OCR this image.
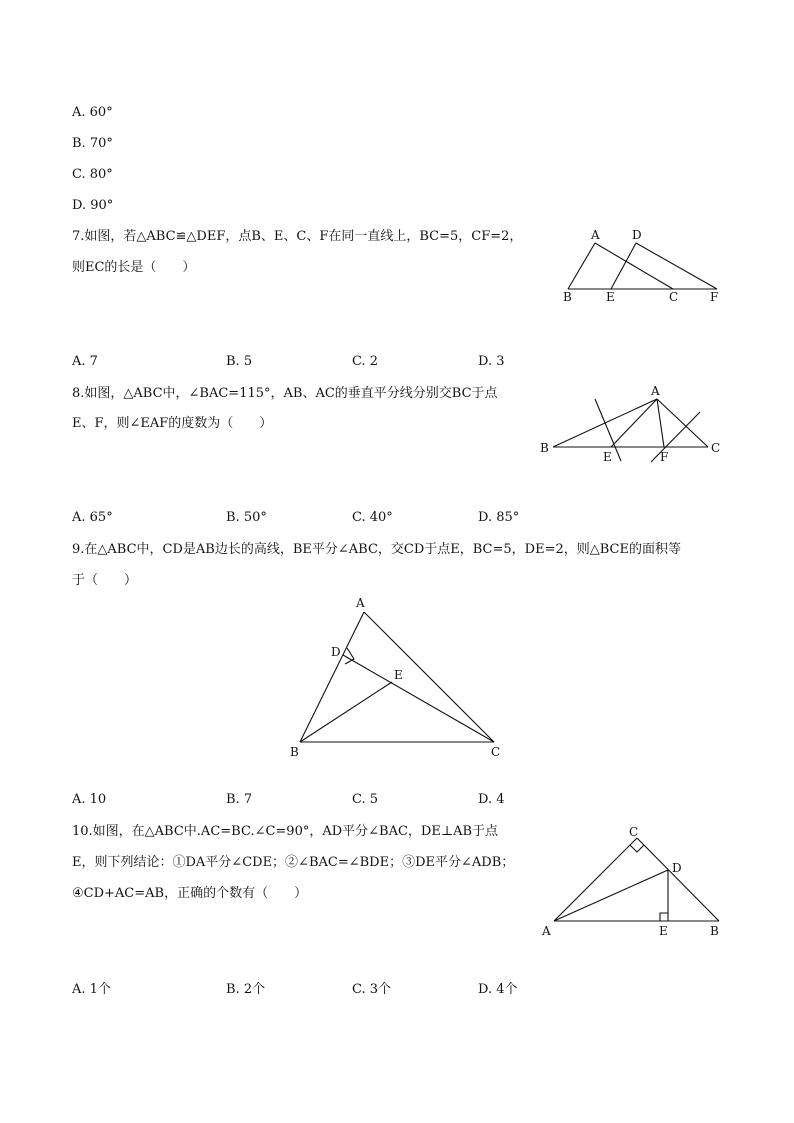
A. 60°
B. 70°
C. 80°
D. 90°
7.如图，若△ABC≌△DEF，点B、E、C、F在同一直线上，BC=5，CF=2，
则EC的长是（　　）
A	D
B	E	C	F
A. 7	B. 5	C. 2	D. 3
8.如图，△ABC中，∠BAC=115°，AB、AC的垂直平分线分别交BC于点
E、F，则∠EAF的度数为（　　）
A
B	C
E	F
A. 65°	B. 50°	C. 40°	D. 85°
9.在△ABC中，CD是AB边长的高线，BE平分∠ABC，交CD于点E，BC=5，DE=2，则△BCE的面积等
于（　　）
A
D
E
B	C
A. 10	B. 7	C. 5	D. 4
10.如图，在△ABC中.AC=BC.∠C=90°，AD平分∠BAC，DE⊥AB于点
E，则下列结论：①DA平分∠CDE；②∠BAC=∠BDE；③DE平分∠ADB；
④CD+AC=AB，正确的个数有（　　）
C
D
A	E	B
A. 1个	B. 2个	C. 3个	D. 4个
